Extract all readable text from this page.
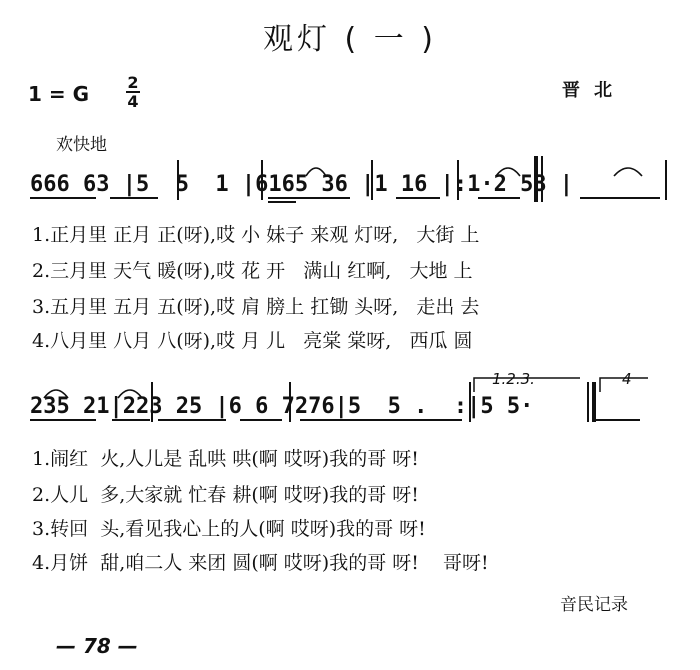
观灯 ( 一 )
1 = G 2
4
晋北
欢快地
666 63 |5  5  1 |6165 36 |1 16 |:1·2 53 |
1.正月里 正月 正(呀),哎 小 妹子 来观 灯呀,   大街 上
2.三月里 天气 暖(呀),哎 花 开   满山 红啊,   大地 上
3.五月里 五月 五(呀),哎 肩 膀上 扛锄 头呀,   走出 去
4.八月里 八月 八(呀),哎 月 儿   亮棠 棠呀,   西瓜 圆
235 21|223 25 |6 6 7276|5  5 .  :|5 5·
1.2.3.	4
1.闹红  火,人儿是 乱哄 哄(啊 哎呀)我的哥 呀!
2.人儿  多,大家就 忙春 耕(啊 哎呀)我的哥 呀!
3.转回  头,看见我心上的人(啊 哎呀)我的哥 呀!
4.月饼  甜,咱二人 来团 圆(啊 哎呀)我的哥 呀!    哥呀!
音民记录
— 78 —
